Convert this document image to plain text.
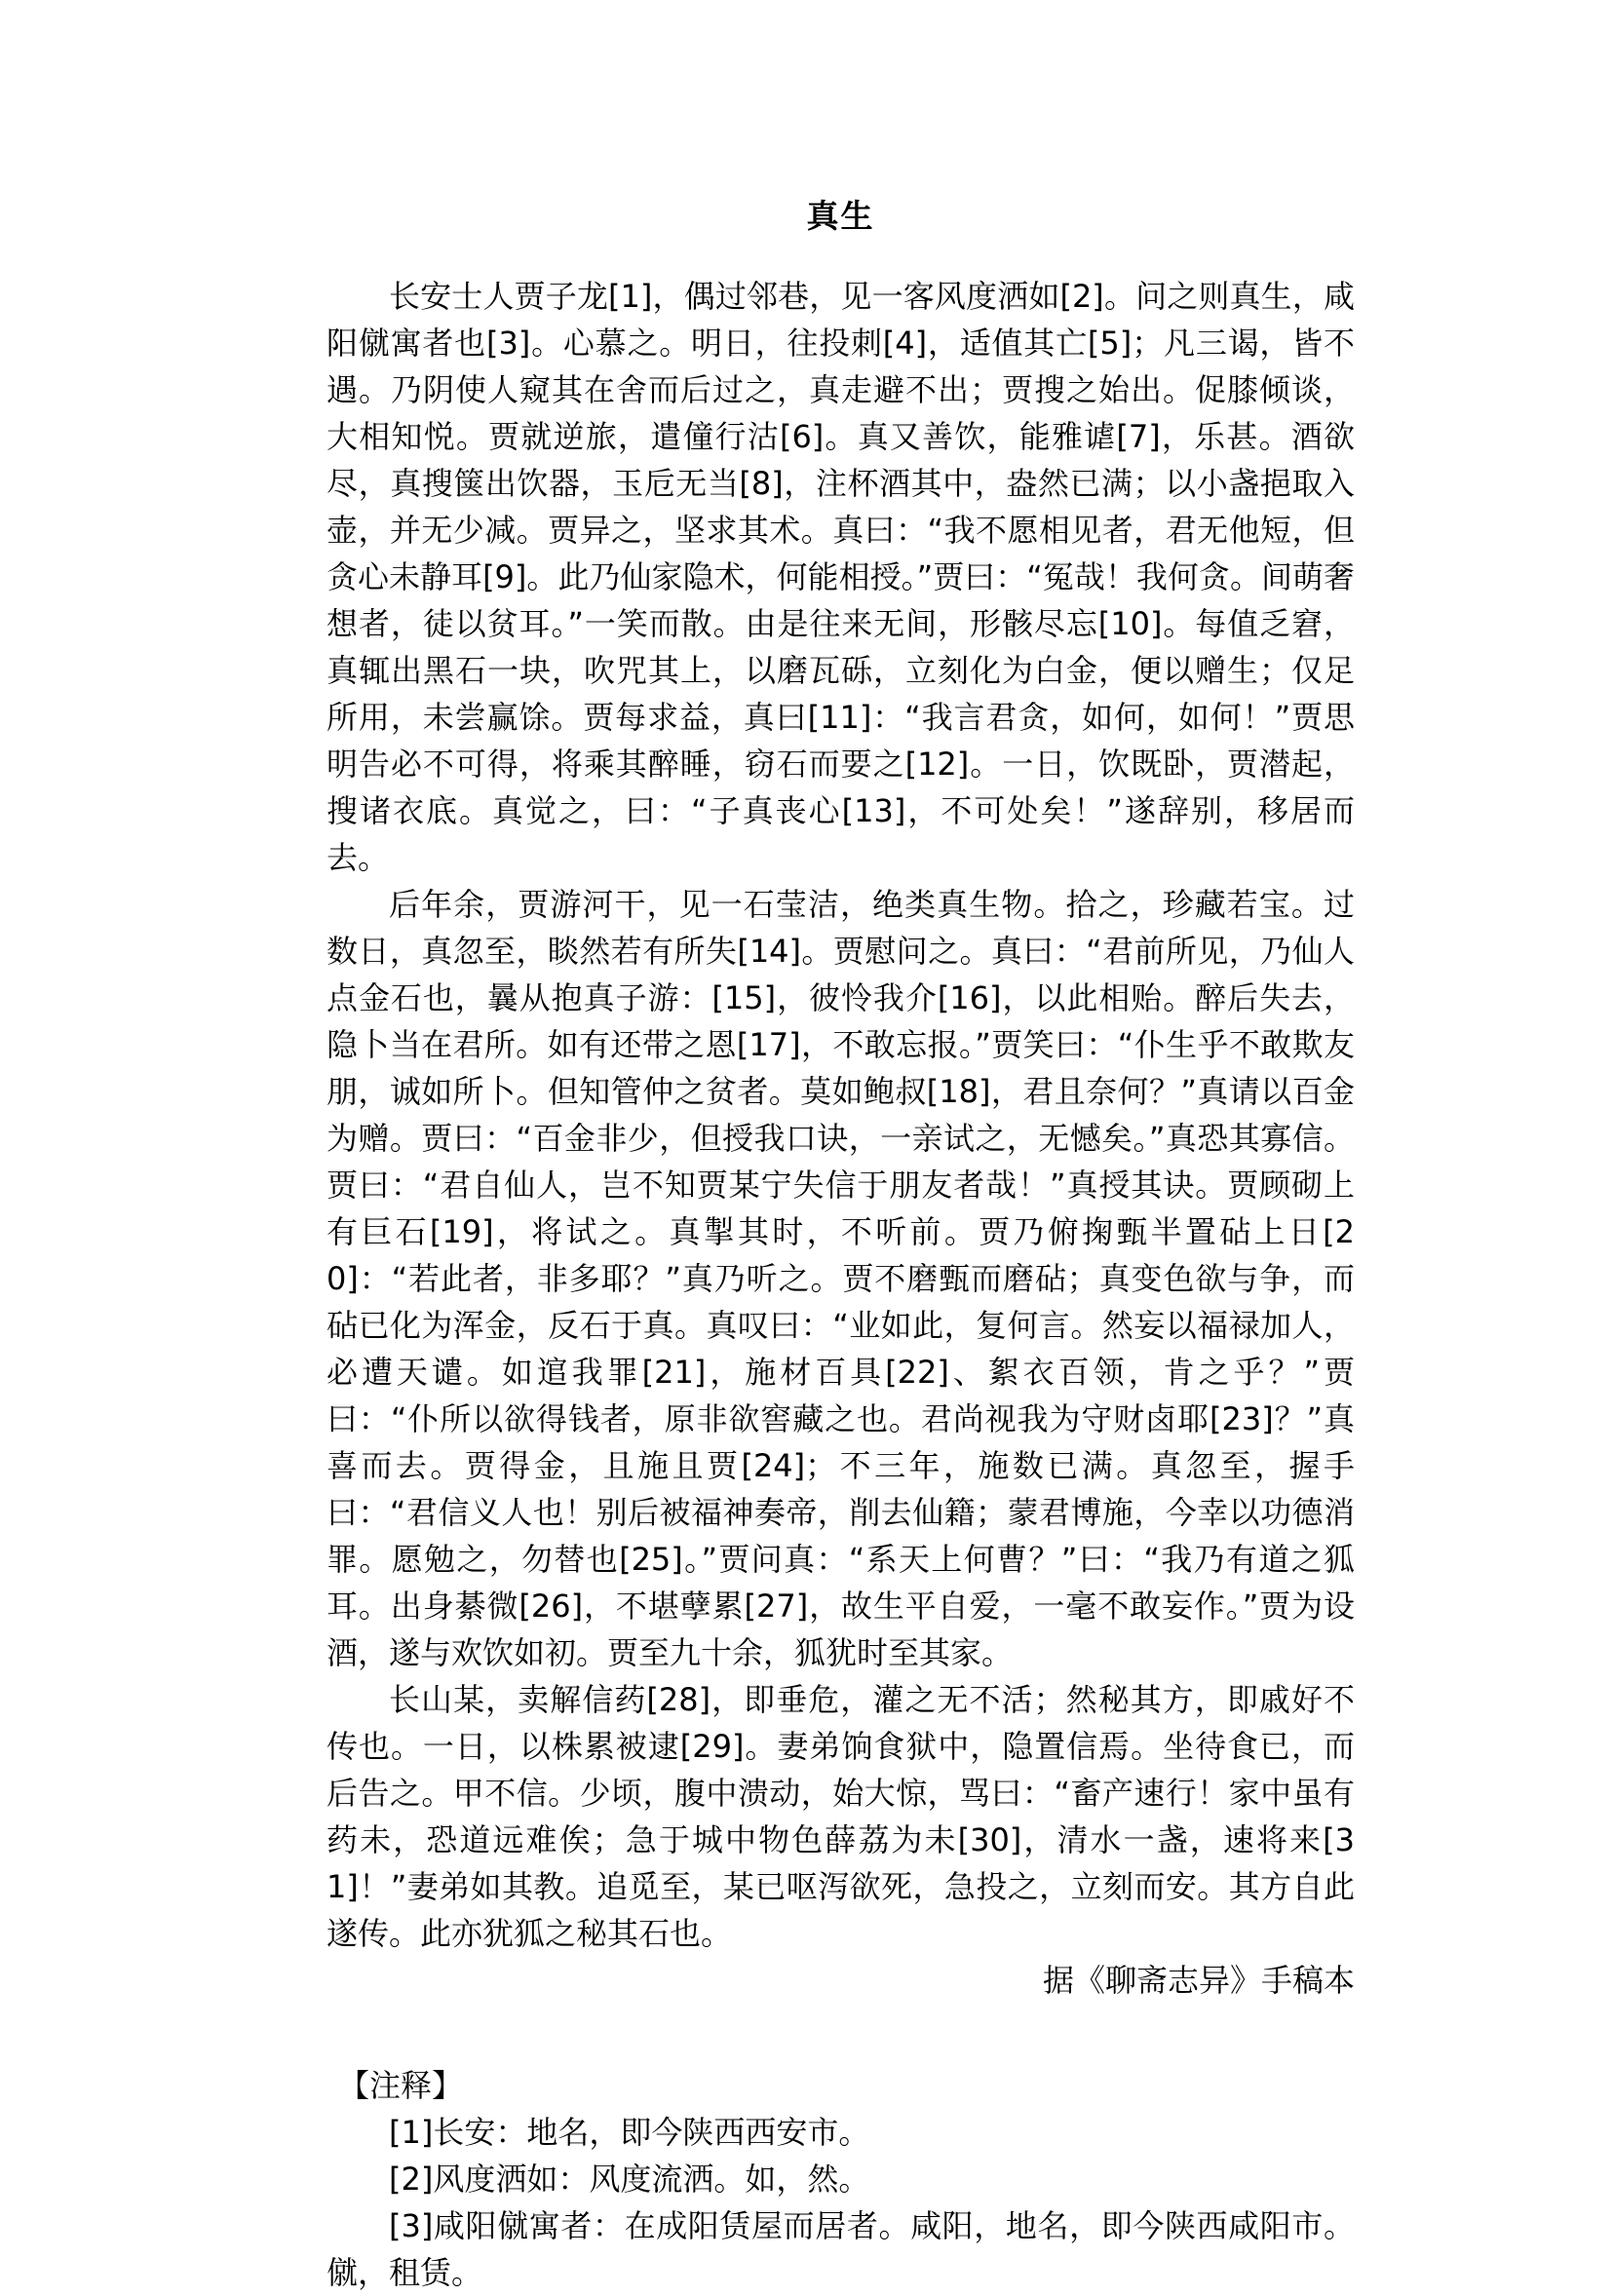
真生

长安士人贾子龙[1]，偶过邻巷，见一客风度洒如[2]。问之则真生，咸阳僦寓者也[3]。心慕之。明日，往投刺[4]，适值其亡[5]；凡三谒，皆不遇。乃阴使人窥其在舍而后过之，真走避不出；贾搜之始出。促膝倾谈，大相知悦。贾就逆旅，遣僮行沽[6]。真又善饮，能雅谑[7]，乐甚。酒欲尽，真搜箧出饮器，玉卮无当[8]，注杯酒其中，盎然已满；以小盏挹取入壶，并无少减。贾异之，坚求其术。真曰：“我不愿相见者，君无他短，但贪心未静耳[9]。此乃仙家隐术，何能相授。”贾曰：“冤哉！我何贪。间萌奢想者，徒以贫耳。”一笑而散。由是往来无间，形骸尽忘[10]。每值乏窘，真辄出黑石一块，吹咒其上，以磨瓦砾，立刻化为白金，便以赠生；仅足所用，未尝赢馀。贾每求益，真曰[11]：“我言君贪，如何，如何！”贾思明告必不可得，将乘其醉睡，窃石而要之[12]。一日，饮既卧，贾潜起，搜诸衣底。真觉之，曰：“子真丧心[13]，不可处矣！”遂辞别，移居而去。

后年余，贾游河干，见一石莹洁，绝类真生物。拾之，珍藏若宝。过数日，真忽至，睒然若有所失[14]。贾慰问之。真曰：“君前所见，乃仙人点金石也，曩从抱真子游：[15]，彼怜我介[16]，以此相贻。醉后失去，隐卜当在君所。如有还带之恩[17]，不敢忘报。”贾笑曰：“仆生乎不敢欺友朋，诚如所卜。但知管仲之贫者。莫如鲍叔[18]，君且奈何？”真请以百金为赠。贾曰：“百金非少，但授我口诀，一亲试之，无憾矣。”真恐其寡信。贾曰：“君自仙人，岂不知贾某宁失信于朋友者哉！”真授其诀。贾顾砌上有巨石[19]，将试之。真掣其时，不听前。贾乃俯掬甄半置砧上日[20]：“若此者，非多耶？”真乃听之。贾不磨甄而磨砧；真变色欲与争，而砧已化为浑金，反石于真。真叹曰：“业如此，复何言。然妄以福禄加人，必遭天谴。如逭我罪[21]，施材百具[22]、絮衣百领，肯之乎？”贾曰：“仆所以欲得钱者，原非欲窖藏之也。君尚视我为守财卤耶[23]？”真喜而去。贾得金，且施且贾[24]；不三年，施数已满。真忽至，握手曰：“君信义人也！别后被福神奏帝，削去仙籍；蒙君博施，今幸以功德消罪。愿勉之，勿替也[25]。”贾问真：“系天上何曹？”曰：“我乃有道之狐耳。出身綦微[26]，不堪孽累[27]，故生平自爱，一毫不敢妄作。”贾为设酒，遂与欢饮如初。贾至九十余，狐犹时至其家。

长山某，卖解信药[28]，即垂危，灌之无不活；然秘其方，即戚好不传也。一日，以株累被逮[29]。妻弟饷食狱中，隐置信焉。坐待食已，而后告之。甲不信。少顷，腹中溃动，始大惊，骂曰：“畜产速行！家中虽有药未，恐道远难俟；急于城中物色薛荔为未[30]，清水一盏，速将来[31]！”妻弟如其教。追觅至，某已呕泻欲死，急投之，立刻而安。其方自此遂传。此亦犹狐之秘其石也。

据《聊斋志异》手稿本

【注释】

[1]长安：地名，即今陕西西安市。

[2]风度洒如：风度流洒。如，然。

[3]咸阳僦寓者：在成阳赁屋而居者。咸阳，地名，即今陕西咸阳市。僦，租赁。
